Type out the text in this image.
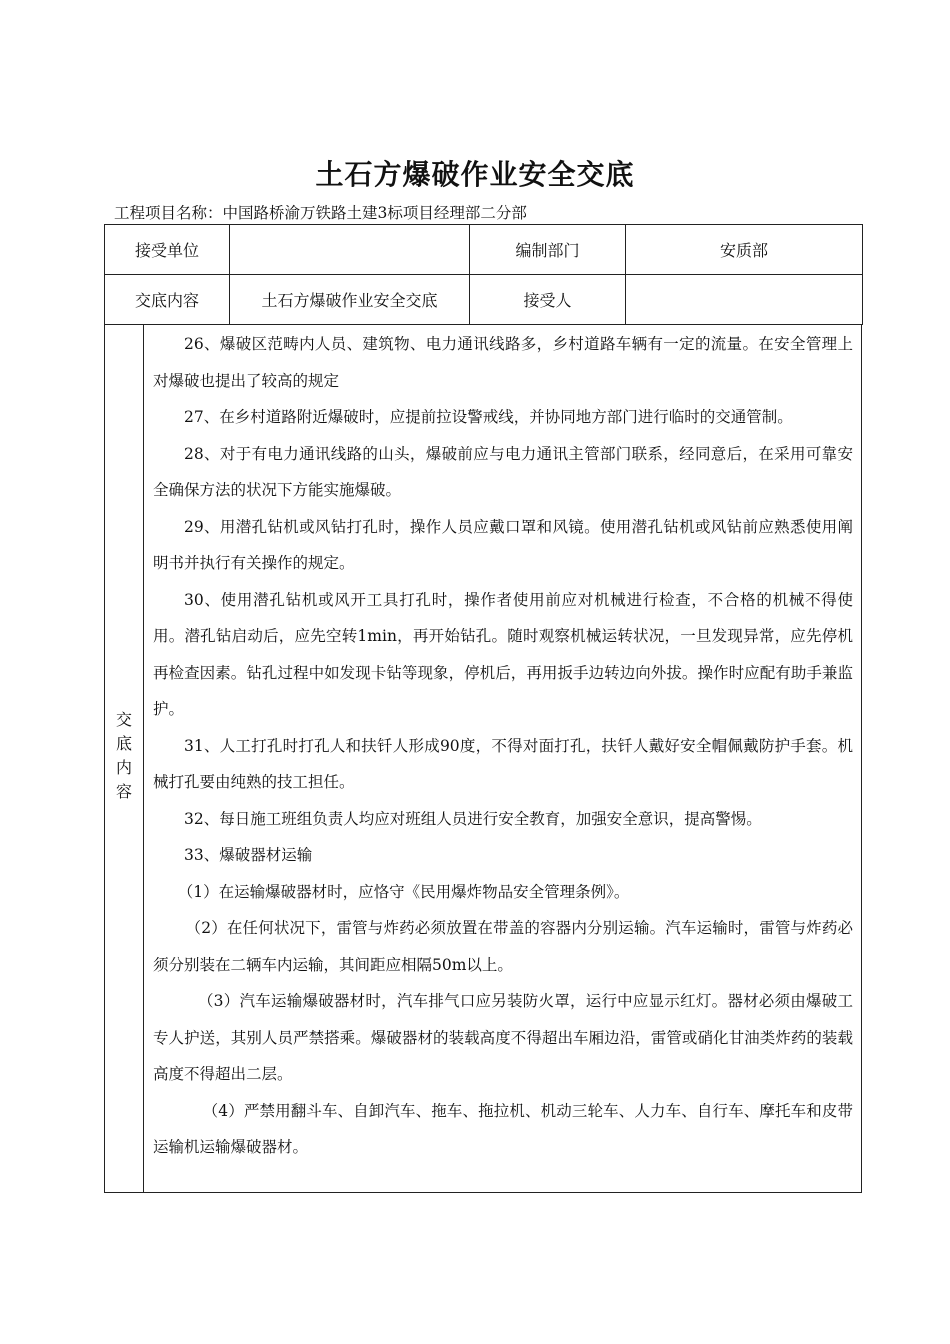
土石方爆破作业安全交底
工程项目名称：中国路桥渝万铁路土建3标项目经理部二分部
接受单位		编制部门	安质部
交底内容	土石方爆破作业安全交底	接受人	
交
底
内
容

26、爆破区范畴内人员、建筑物、电力通讯线路多，乡村道路车辆有一定的流量。在安全管理上对爆破也提出了较高的规定

27、在乡村道路附近爆破时，应提前拉设警戒线，并协同地方部门进行临时的交通管制。

28、对于有电力通讯线路的山头，爆破前应与电力通讯主管部门联系，经同意后，在采用可靠安全确保方法的状况下方能实施爆破。

29、用潜孔钻机或风钻打孔时，操作人员应戴口罩和风镜。使用潜孔钻机或风钻前应熟悉使用阐明书并执行有关操作的规定。

30、使用潜孔钻机或风开工具打孔时，操作者使用前应对机械进行检查，不合格的机械不得使用。潜孔钻启动后，应先空转1min，再开始钻孔。随时观察机械运转状况，一旦发现异常，应先停机再检查因素。钻孔过程中如发现卡钻等现象，停机后，再用扳手边转边向外拔。操作时应配有助手兼监护。

31、人工打孔时打孔人和扶钎人形成90度，不得对面打孔，扶钎人戴好安全帽佩戴防护手套。机械打孔要由纯熟的技工担任。

32、每日施工班组负责人均应对班组人员进行安全教育，加强安全意识，提高警惕。

33、爆破器材运输

（1）在运输爆破器材时，应恪守《民用爆炸物品安全管理条例》。

（2）在任何状况下，雷管与炸药必须放置在带盖的容器内分别运输。汽车运输时，雷管与炸药必须分别装在二辆车内运输，其间距应相隔50m以上。

（3）汽车运输爆破器材时，汽车排气口应另装防火罩，运行中应显示红灯。器材必须由爆破工专人护送，其别人员严禁搭乘。爆破器材的装载高度不得超出车厢边沿，雷管或硝化甘油类炸药的装载高度不得超出二层。

（4）严禁用翻斗车、自卸汽车、拖车、拖拉机、机动三轮车、人力车、自行车、摩托车和皮带运输机运输爆破器材。
